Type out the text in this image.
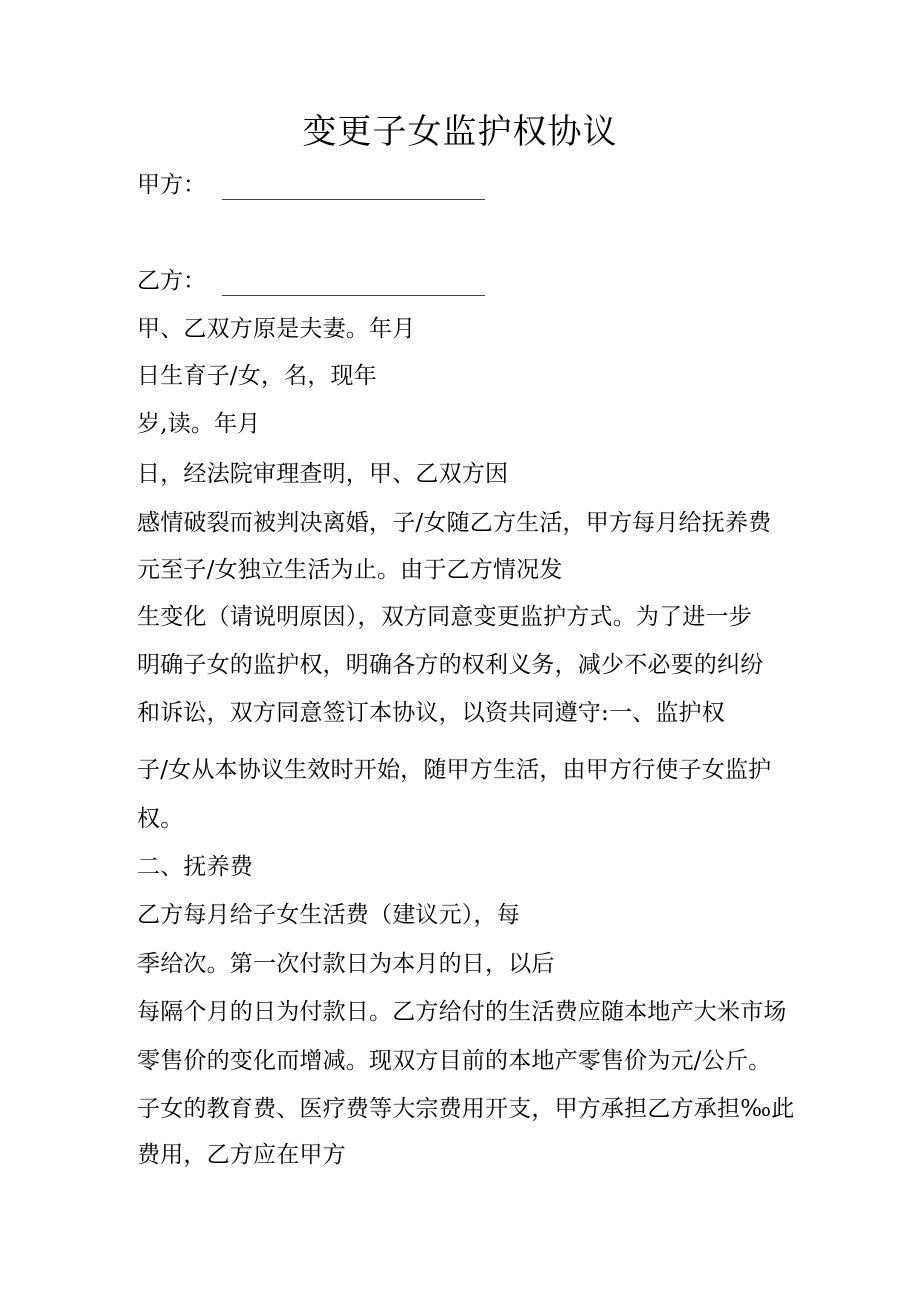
变更子女监护权协议
甲方：
乙方：
甲、乙双方原是夫妻。年月
日生育子/女，名，现年
岁,读。年月
日，经法院审理查明，甲、乙双方因
感情破裂而被判决离婚，子/女随乙方生活，甲方每月给抚养费
元至子/女独立生活为止。由于乙方情况发
生变化（请说明原因），双方同意变更监护方式。为了进一步
明确子女的监护权，明确各方的权利义务，减少不必要的纠纷
和诉讼，双方同意签订本协议，以资共同遵守:一、监护权
子/女从本协议生效时开始，随甲方生活，由甲方行使子女监护
权。
二、抚养费
乙方每月给子女生活费（建议元），每
季给次。第一次付款日为本月的日，以后
每隔个月的日为付款日。乙方给付的生活费应随本地产大米市场
零售价的变化而增减。现双方目前的本地产零售价为元/公斤。
子女的教育费、医疗费等大宗费用开支，甲方承担乙方承担‰此
费用，乙方应在甲方
